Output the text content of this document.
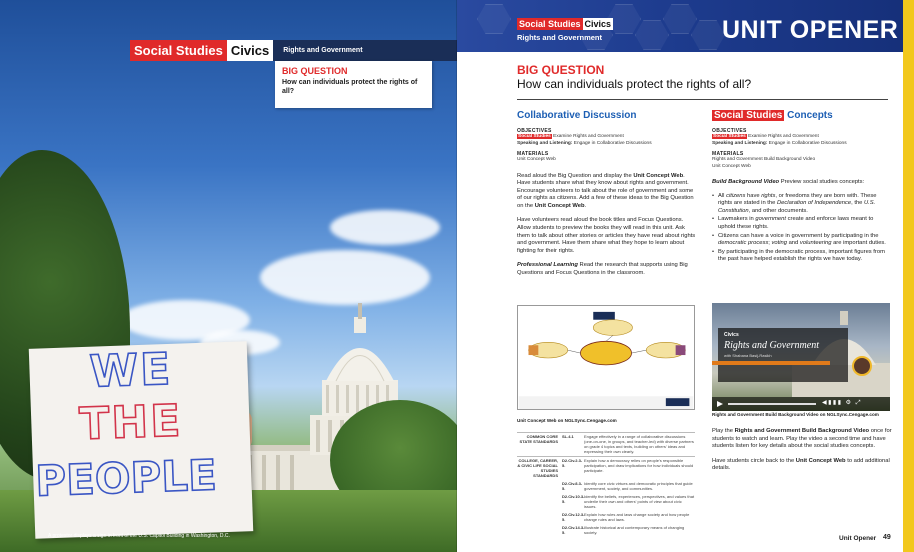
WE
THE
PEOPLE
A protestor displays a sign in front of the U.S. Capitol Building in Washington, D.C.
Social Studies Civics	Rights and Government
BIG QUESTION
How can individuals protect the rights of all?
Social Studies Civics
Rights and Government	UNIT OPENER
BIG QUESTION
How can individuals protect the rights of all?
Collaborative Discussion
OBJECTIVES
Social Studies Examine Rights and Government
Speaking and Listening: Engage in Collaborative Discussions
MATERIALS
Unit Concept Web

Read aloud the Big Question and display the Unit Concept Web. Have students share what they know about rights and government. Encourage volunteers to talk about the role of government and some of our rights as citizens. Add a few of these ideas to the Big Question on the Unit Concept Web.

Have volunteers read aloud the book titles and Focus Questions. Allow students to preview the books they will read in this unit. Ask them to talk about other stories or articles they have read about rights and government. Have them share what they hope to learn about fighting for their rights.

Professional Learning Read the research that supports using Big Questions and Focus Questions in the classroom.

Unit Concept Web on NGLSync.Cengage.com
COMMON CORE STATE STANDARDS
SL.4.1	Engage effectively in a range of collaborative discussions (one-on-one, in groups, and teacher-led) with diverse partners on grade 4 topics and texts, building on others' ideas and expressing their own clearly.
COLLEGE, CAREER, & CIVIC LIFE SOCIAL STUDIES STANDARDS
D2.Civ.2.3-5.
Explain how a democracy relies on people's responsible participation, and draw implications for how individuals should participate.
D2.Civ.8.3-5.
Identify core civic virtues and democratic principles that guide government, society, and communities.
D2.Civ.10.3-5.
Identify the beliefs, experiences, perspectives, and values that underlie their own and others' points of view about civic issues.
D2.Civ.12.3-5.
Explain how rules and laws change society and how people change rules and laws.
D2.Civ.14.3-5.
Illustrate historical and contemporary means of changing society.
Social Studies Concepts
OBJECTIVES
Social Studies Examine Rights and Government
Speaking and Listening: Engage in Collaborative Discussions
MATERIALS
Rights and Government Build Background Video
Unit Concept Web

Build Background Video Preview social studies concepts:

• All citizens have rights, or freedoms they are born with. These rights are stated in the Declaration of Independence, the U.S. Constitution, and other documents.
• Lawmakers in government create and enforce laws meant to uphold these rights.
• Citizens can have a voice in government by participating in the democratic process; voting and volunteering are important duties.
• By participating in the democratic process, important figures from the past have helped establish the rights we have today.
Civics
Rights and Government
with Shabana Basij-Rasikh
◀▮▮▮ ⚙ ⤢
Rights and Government Build Background Video on NGLSync.Cengage.com

Play the Rights and Government Build Background Video once for students to watch and learn. Play the video a second time and have students listen for key details about the social studies concepts.

Have students circle back to the Unit Concept Web to add additional details.

Unit Opener 49
